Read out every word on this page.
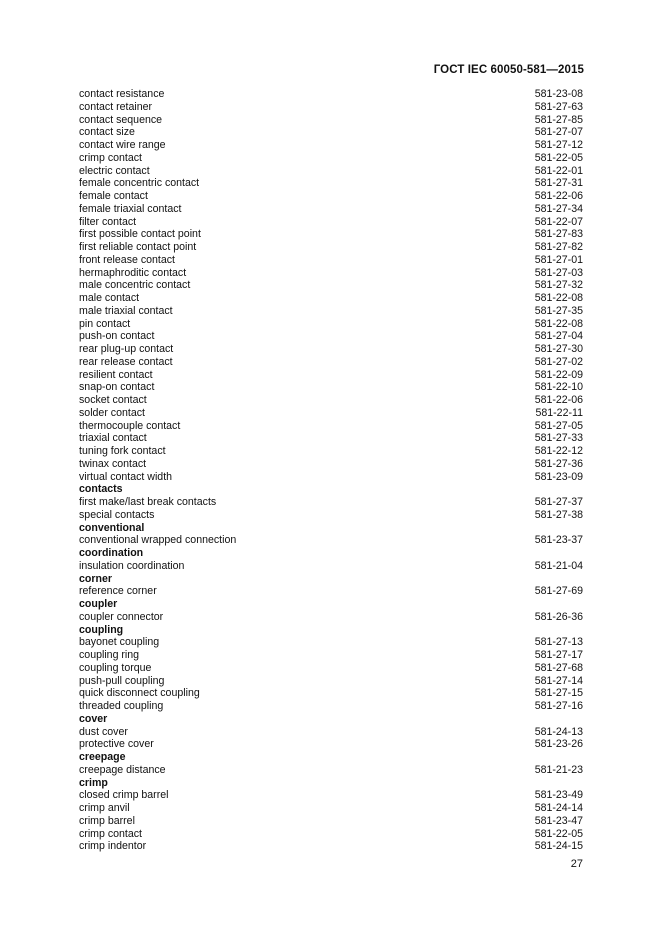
ГОСТ IEC 60050-581—2015
contact resistance	581-23-08
contact retainer	581-27-63
contact sequence	581-27-85
contact size	581-27-07
contact wire range	581-27-12
crimp contact	581-22-05
electric contact	581-22-01
female concentric contact	581-27-31
female contact	581-22-06
female triaxial contact	581-27-34
filter contact	581-22-07
first possible contact point	581-27-83
first reliable contact point	581-27-82
front release contact	581-27-01
hermaphroditic contact	581-27-03
male concentric contact	581-27-32
male contact	581-22-08
male triaxial contact	581-27-35
pin contact	581-22-08
push-on contact	581-27-04
rear plug-up contact	581-27-30
rear release contact	581-27-02
resilient contact	581-22-09
snap-on contact	581-22-10
socket contact	581-22-06
solder contact	581-22-11
thermocouple contact	581-27-05
triaxial contact	581-27-33
tuning fork contact	581-22-12
twinax contact	581-27-36
virtual contact width	581-23-09
contacts
first make/last break contacts	581-27-37
special contacts	581-27-38
conventional
conventional wrapped connection	581-23-37
coordination
insulation coordination	581-21-04
corner
reference corner	581-27-69
coupler
coupler connector	581-26-36
coupling
bayonet coupling	581-27-13
coupling ring	581-27-17
coupling torque	581-27-68
push-pull coupling	581-27-14
quick disconnect coupling	581-27-15
threaded coupling	581-27-16
cover
dust cover	581-24-13
protective cover	581-23-26
creepage
creepage distance	581-21-23
crimp
closed crimp barrel	581-23-49
crimp anvil	581-24-14
crimp barrel	581-23-47
crimp contact	581-22-05
crimp indentor	581-24-15
27
